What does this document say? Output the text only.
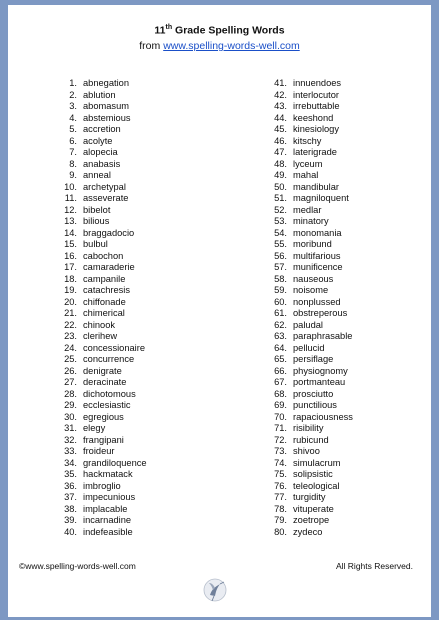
11th Grade Spelling Words
from www.spelling-words-well.com
1. abnegation
2. ablution
3. abomasum
4. abstemious
5. accretion
6. acolyte
7. alopecia
8. anabasis
9. anneal
10. archetypal
11. asseverate
12. bibelot
13. bilious
14. braggadocio
15. bulbul
16. cabochon
17. camaraderie
18. campanile
19. catachresis
20. chiffonade
21. chimerical
22. chinook
23. clerihew
24. concessionaire
25. concurrence
26. denigrate
27. deracinate
28. dichotomous
29. ecclesiastic
30. egregious
31. elegy
32. frangipani
33. froideur
34. grandiloquence
35. hackmatack
36. imbroglio
37. impecunious
38. implacable
39. incarnadine
40. indefeasible
41. innuendoes
42. interlocutor
43. irrebuttable
44. keeshond
45. kinesiology
46. kitschy
47. laterigrade
48. lyceum
49. mahal
50. mandibular
51. magniloquent
52. medlar
53. minatory
54. monomania
55. moribund
56. multifarious
57. munificence
58. nauseous
59. noisome
60. nonplussed
61. obstreperous
62. paludal
63. paraphrasable
64. pellucid
65. persiflage
66. physiognomy
67. portmanteau
68. prosciutto
69. punctilious
70. rapaciousness
71. risibility
72. rubicund
73. shivoo
74. simulacrum
75. solipsistic
76. teleological
77. turgidity
78. vituperate
79. zoetrope
80. zydeco
©www.spelling-words-well.com	All Rights Reserved.
